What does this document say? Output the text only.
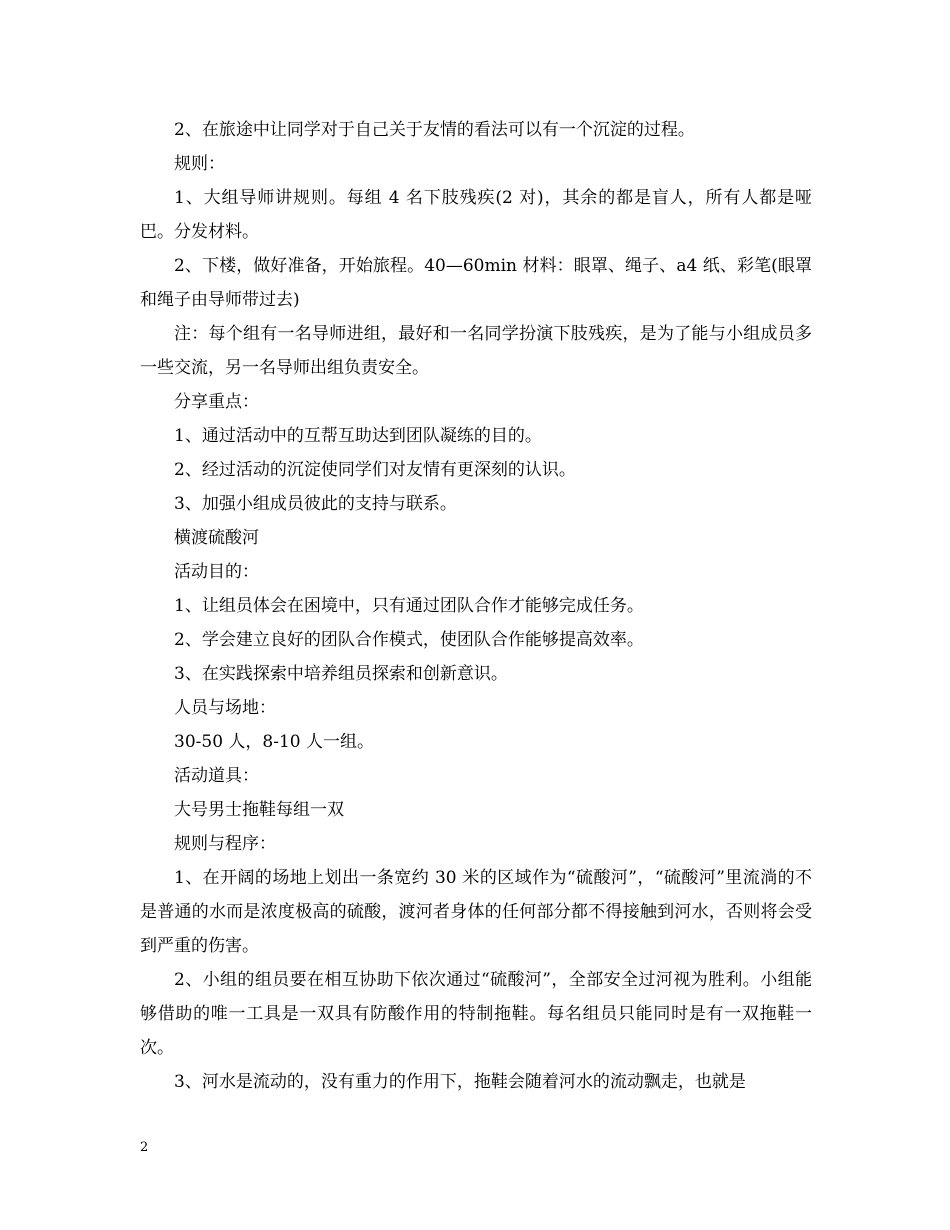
2、在旅途中让同学对于自己关于友情的看法可以有一个沉淀的过程。

规则：

1、大组导师讲规则。每组 4 名下肢残疾(2 对)，其余的都是盲人，所有人都是哑巴。分发材料。

2、下楼，做好准备，开始旅程。40—60min 材料：眼罩、绳子、a4 纸、彩笔(眼罩和绳子由导师带过去)

注：每个组有一名导师进组，最好和一名同学扮演下肢残疾，是为了能与小组成员多一些交流，另一名导师出组负责安全。

分享重点：

1、通过活动中的互帮互助达到团队凝练的目的。

2、经过活动的沉淀使同学们对友情有更深刻的认识。

3、加强小组成员彼此的支持与联系。

横渡硫酸河

活动目的：

1、让组员体会在困境中，只有通过团队合作才能够完成任务。

2、学会建立良好的团队合作模式，使团队合作能够提高效率。

3、在实践探索中培养组员探索和创新意识。

人员与场地：

30-50 人，8-10 人一组。

活动道具：

大号男士拖鞋每组一双

规则与程序：

1、在开阔的场地上划出一条宽约 30 米的区域作为“硫酸河”，“硫酸河”里流淌的不是普通的水而是浓度极高的硫酸，渡河者身体的任何部分都不得接触到河水，否则将会受到严重的伤害。

2、小组的组员要在相互协助下依次通过“硫酸河”，全部安全过河视为胜利。小组能够借助的唯一工具是一双具有防酸作用的特制拖鞋。每名组员只能同时是有一双拖鞋一次。

3、河水是流动的，没有重力的作用下，拖鞋会随着河水的流动飘走，也就是

2
